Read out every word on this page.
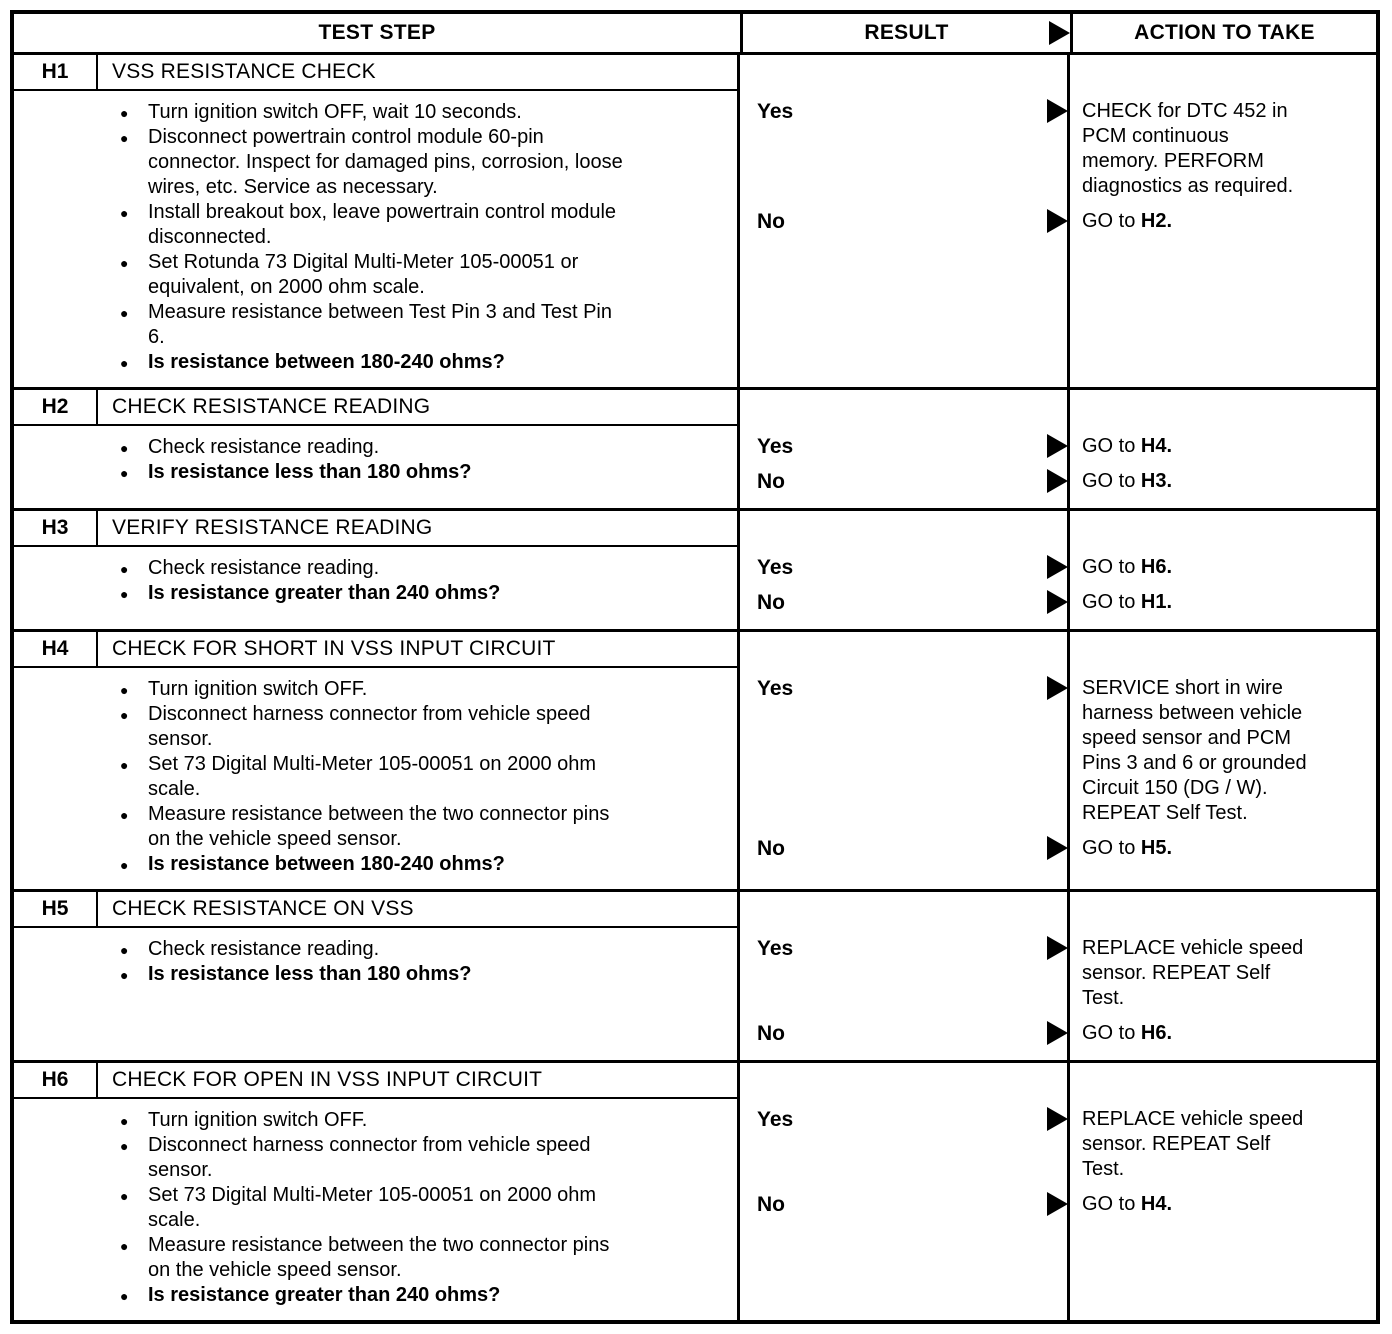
TEST STEP	RESULT	ACTION TO TAKE
H1	VSS RESISTANCE CHECK
Turn ignition switch OFF, wait 10 seconds.
Disconnect powertrain control module 60-pin connector. Inspect for damaged pins, corrosion, loose wires, etc. Service as necessary.
Install breakout box, leave powertrain control module disconnected.
Set Rotunda 73 Digital Multi-Meter 105-00051 or equivalent, on 2000 ohm scale.
Measure resistance between Test Pin 3 and Test Pin 6.
Is resistance between 180-240 ohms?
Yes	CHECK for DTC 452 in PCM continuous memory. PERFORM diagnostics as required.
No	GO to H2.
H2	CHECK RESISTANCE READING
Check resistance reading.
Is resistance less than 180 ohms?
Yes	GO to H4.
No	GO to H3.
H3	VERIFY RESISTANCE READING
Check resistance reading.
Is resistance greater than 240 ohms?
Yes	GO to H6.
No	GO to H1.
H4	CHECK FOR SHORT IN VSS INPUT CIRCUIT
Turn ignition switch OFF.
Disconnect harness connector from vehicle speed sensor.
Set 73 Digital Multi-Meter 105-00051 on 2000 ohm scale.
Measure resistance between the two connector pins on the vehicle speed sensor.
Is resistance between 180-240 ohms?
Yes	SERVICE short in wire harness between vehicle speed sensor and PCM Pins 3 and 6 or grounded Circuit 150 (DG / W). REPEAT Self Test.
No	GO to H5.
H5	CHECK RESISTANCE ON VSS
Check resistance reading.
Is resistance less than 180 ohms?
Yes	REPLACE vehicle speed sensor. REPEAT Self Test.
No	GO to H6.
H6	CHECK FOR OPEN IN VSS INPUT CIRCUIT
Turn ignition switch OFF.
Disconnect harness connector from vehicle speed sensor.
Set 73 Digital Multi-Meter 105-00051 on 2000 ohm scale.
Measure resistance between the two connector pins on the vehicle speed sensor.
Is resistance greater than 240 ohms?
Yes	REPLACE vehicle speed sensor. REPEAT Self Test.
No	GO to H4.
